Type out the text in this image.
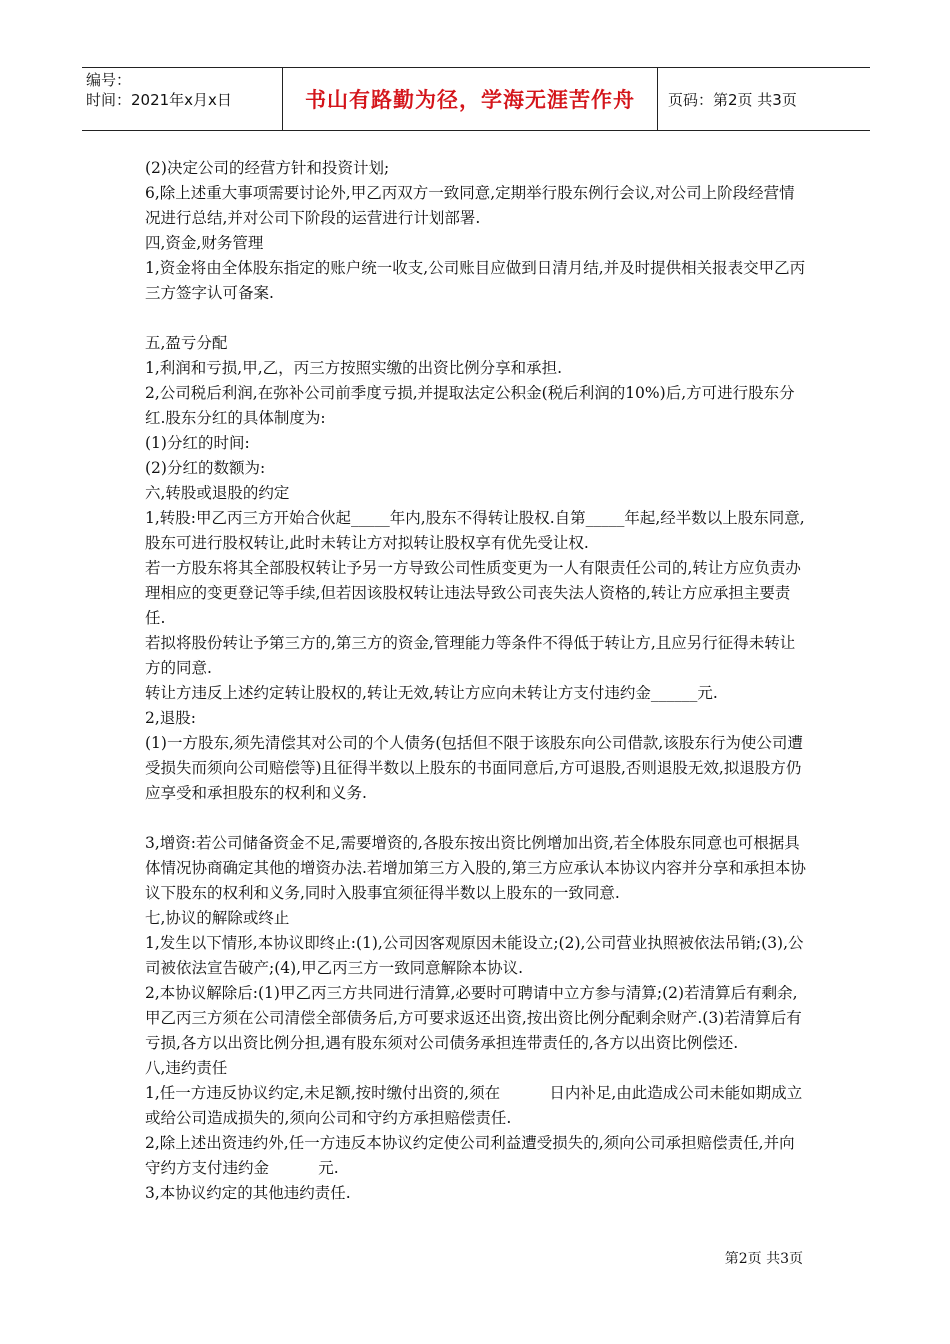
编号：
时间：2021年x月x日	书山有路勤为径，学海无涯苦作舟 页码：第2页 共3页

(2)决定公司的经营方针和投资计划;

6,除上述重大事项需要讨论外,甲乙丙双方一致同意,定期举行股东例行会议,对公司上阶段经营情况进行总结,并对公司下阶段的运营进行计划部署.

四,资金,财务管理

1,资金将由全体股东指定的账户统一收支,公司账目应做到日清月结,并及时提供相关报表交甲乙丙三方签字认可备案.

五,盈亏分配

1,利润和亏损,甲,乙，丙三方按照实缴的出资比例分享和承担.

2,公司税后利润,在弥补公司前季度亏损,并提取法定公积金(税后利润的10%)后,方可进行股东分红.股东分红的具体制度为:

(1)分红的时间:

(2)分红的数额为:

六,转股或退股的约定

1,转股:甲乙丙三方开始合伙起_____年内,股东不得转让股权.自第_____年起,经半数以上股东同意,股东可进行股权转让,此时未转让方对拟转让股权享有优先受让权.

若一方股东将其全部股权转让予另一方导致公司性质变更为一人有限责任公司的,转让方应负责办理相应的变更登记等手续,但若因该股权转让违法导致公司丧失法人资格的,转让方应承担主要责任.

若拟将股份转让予第三方的,第三方的资金,管理能力等条件不得低于转让方,且应另行征得未转让方的同意.

转让方违反上述约定转让股权的,转让无效,转让方应向未转让方支付违约金______元.

2,退股:

(1)一方股东,须先清偿其对公司的个人债务(包括但不限于该股东向公司借款,该股东行为使公司遭受损失而须向公司赔偿等)且征得半数以上股东的书面同意后,方可退股,否则退股无效,拟退股方仍应享受和承担股东的权利和义务.

3,增资:若公司储备资金不足,需要增资的,各股东按出资比例增加出资,若全体股东同意也可根据具体情况协商确定其他的增资办法.若增加第三方入股的,第三方应承认本协议内容并分享和承担本协议下股东的权利和义务,同时入股事宜须征得半数以上股东的一致同意.

七,协议的解除或终止

1,发生以下情形,本协议即终止:(1),公司因客观原因未能设立;(2),公司营业执照被依法吊销;(3),公司被依法宣告破产;(4),甲乙丙三方一致同意解除本协议.

2,本协议解除后:(1)甲乙丙三方共同进行清算,必要时可聘请中立方参与清算;(2)若清算后有剩余,甲乙丙三方须在公司清偿全部债务后,方可要求返还出资,按出资比例分配剩余财产.(3)若清算后有亏损,各方以出资比例分担,遇有股东须对公司债务承担连带责任的,各方以出资比例偿还.

八,违约责任

1,任一方违反协议约定,未足额,按时缴付出资的,须在          日内补足,由此造成公司未能如期成立或给公司造成损失的,须向公司和守约方承担赔偿责任.

2,除上述出资违约外,任一方违反本协议约定使公司利益遭受损失的,须向公司承担赔偿责任,并向守约方支付违约金          元.

3,本协议约定的其他违约责任.

第2页 共3页
